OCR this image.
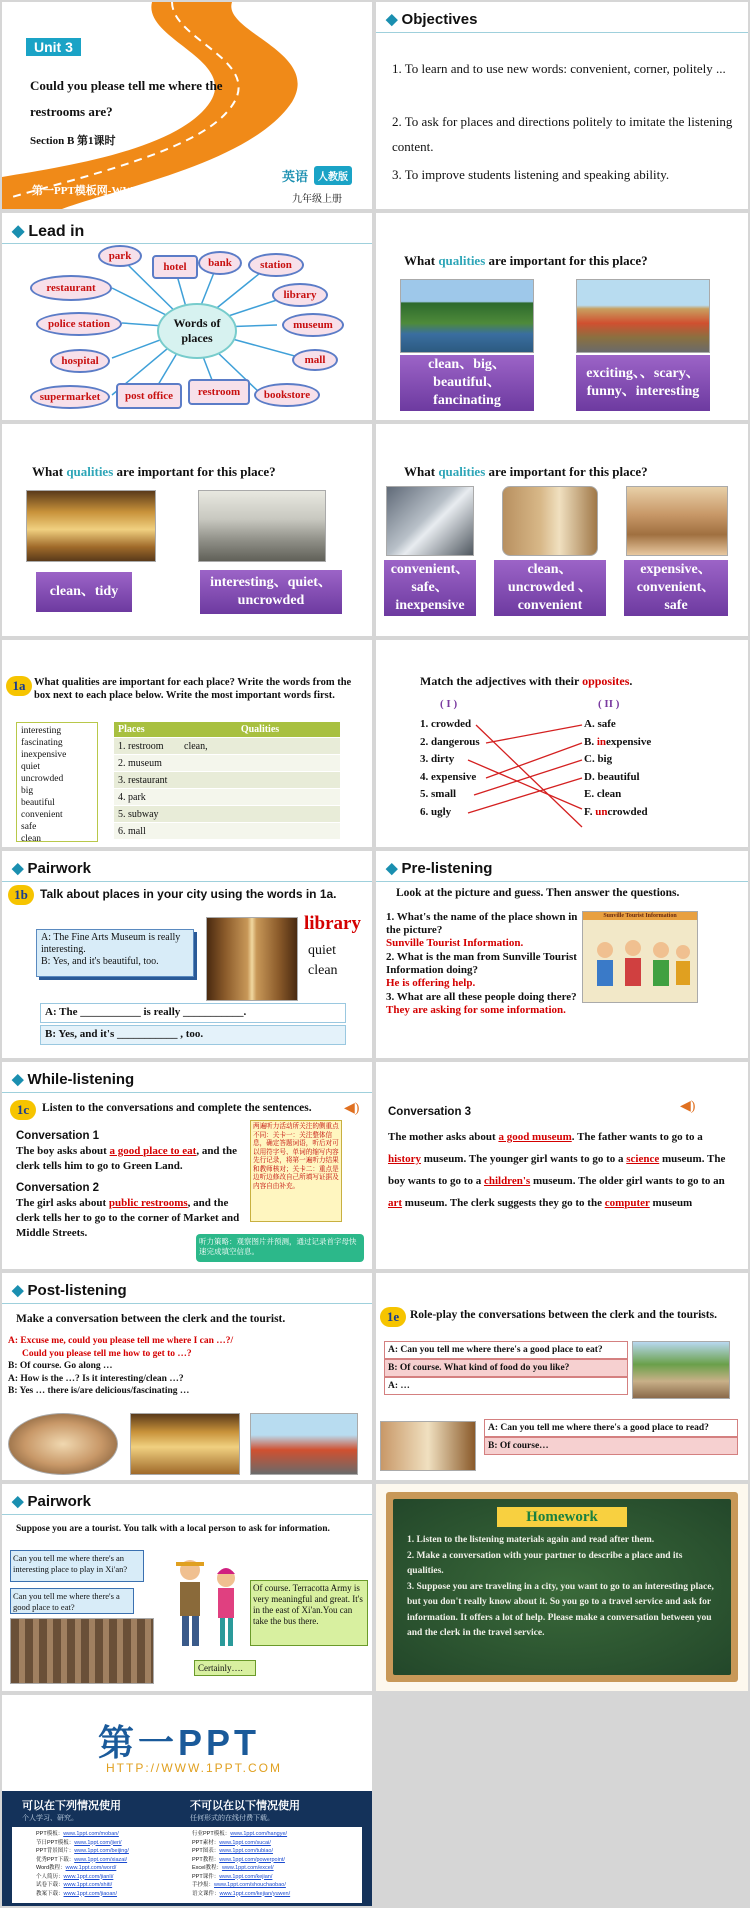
Unit 3
Could you please tell me where the
restrooms are?
Section B 第1课时
第一PPT模板网-WWW.1PPT.COM
英语 人教版
九年级上册
◆ Objectives
1. To learn and to use new words: convenient, corner, politely ...
2. To ask for places and directions politely to imitate the listening content.
3. To improve students listening and speaking ability.
◆ Lead in
Words of places
park
hotel	bank	station
restaurant
library
police station	museum
hospital	mall
supermarket	post office	restroom	bookstore
What qualities are important for this place?
clean、big、beautiful、fancinating
exciting、、scary、funny、interesting
What qualities are important for this place?
clean、tidy
interesting、quiet、uncrowded
What qualities are important for this place?
convenient、safe、inexpensive
clean、uncrowded 、convenient
expensive、convenient、safe
1a What qualities are important for each place? Write the words from the box next to each place below. Write the most important words first.
interesting
fascinating
inexpensive
quiet
uncrowded
big
beautiful
convenient
safe
clean
Places	Qualities
1. restroom	clean,
2. museum	
3. restaurant	
4. park	
5. subway	
6. mall	
Match the adjectives with their opposites.
( I )	( II )
1. crowded
2. dangerous
3. dirty
4. expensive
5. small
6. ugly
A. safe
B. inexpensive
C. big
D. beautiful
E. clean
F. uncrowded
◆ Pairwork
1b	Talk about places in your city using the words in 1a.
A: The Fine Arts Museum is really interesting.
B: Yes, and it's beautiful, too.
library
quiet
clean
A: The ___________ is really ___________.
B: Yes, and it's ___________ , too.
◆ Pre-listening
Look at the picture and guess. Then answer the questions.
1. What's the name of the place shown in the picture?
Sunville Tourist Information.
2. What is the man from Sunville Tourist Information doing?
He is offering help.
3. What are all these people doing there?
They are asking for some information.
Sunville Tourist Information
◆ While-listening
1c	Listen to the conversations and complete the sentences. ◀)
Conversation 1
The boy asks about a good place to eat, and the clerk tells him to go to Green Land.
Conversation 2
The girl asks about public restrooms, and the clerk tells her to go to the corner of Market and Middle Streets.
两遍听力活动所关注的侧重点不同：关卡一：关注整体信息，确定答题词语，听后对可以用符字号、单词的缩写内容先行记录，将第一遍听力结果和教师核对；关卡二：重点是边听边修改自己所填写证据及内容自由补充。
听力策略：观察图片并预测，通过记录首字母快速完成填空信息。
Conversation 3	◀)
The mother asks about a good museum. The father wants to go to a history museum. The younger girl wants to go to a science museum. The boy wants to go to a children's museum. The older girl wants to go to an art museum. The clerk suggests they go to the computer museum
◆ Post-listening
Make a conversation between the clerk and the tourist.
A: Excuse me, could you please tell me where I can …?/
Could you please tell me how to get to …?
B: Of course. Go along …
A: How is the …? Is it interesting/clean …?
B: Yes … there is/are delicious/fascinating …
1e Role-play the conversations between the clerk and the tourists.
A: Can you tell me where there's a good place to eat?
B: Of course. What kind of food do you like?
A: …
A: Can you tell me where there's a good place to read?
B: Of course…
◆ Pairwork
Suppose you are a tourist. You talk with a local person to ask for information.
Can you tell me where there's an interesting place to play in Xi'an?
Can you tell me where there's a good place to eat?
Of course. Terracotta Army is very meaningful and great. It's in the east of Xi'an.You can take the bus there.
Certainly….
Homework
1. Listen to the listening materials again and read after them.
2. Make a conversation with your partner to describe a place and its qualities.
3. Suppose you are traveling in a city, you want to go to an interesting place, but you don't really know about it. So you go to a travel service and ask for information. It offers a lot of help. Please make a conversation between you and the clerk in the travel service.
第一PPT
HTTP://WWW.1PPT.COM
可以在下列情况使用
个人学习、研究。
不可以在以下情况使用
任何形式的在线付费下载。
PPT模板：www.1ppt.com/moban/
节日PPT模板：www.1ppt.com/jieri/
PPT背景图片：www.1ppt.com/beijing/
优秀PPT下载：www.1ppt.com/xiazai/
Word教程：www.1ppt.com/word/
个人简历：www.1ppt.com/jianli/
试卷下载：www.1ppt.com/shiti/
教案下载：www.1ppt.com/jiaoan/
行业PPT模板：www.1ppt.com/hangye/
PPT素材：www.1ppt.com/sucai/
PPT图表：www.1ppt.com/tubiao/
PPT教程：www.1ppt.com/powerpoint/
Excel教程：www.1ppt.com/excel/
PPT课件：www.1ppt.com/kejian/
手抄报：www.1ppt.com/shouchaobao/
语文课件：www.1ppt.com/kejian/yuwen/
